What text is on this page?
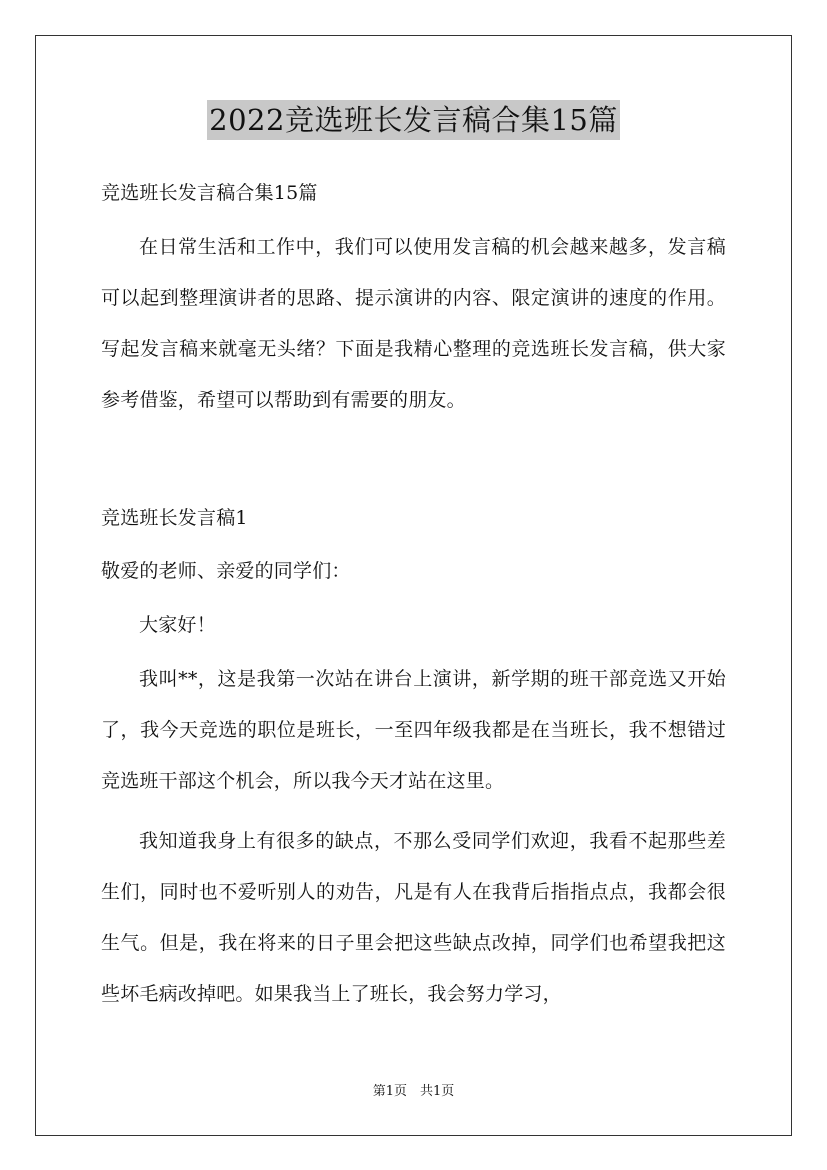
2022竞选班长发言稿合集15篇

竞选班长发言稿合集15篇

在日常生活和工作中，我们可以使用发言稿的机会越来越多，发言稿可以起到整理演讲者的思路、提示演讲的内容、限定演讲的速度的作用。写起发言稿来就毫无头绪？下面是我精心整理的竞选班长发言稿，供大家参考借鉴，希望可以帮助到有需要的朋友。

竞选班长发言稿1

敬爱的老师、亲爱的同学们：

大家好！

我叫**，这是我第一次站在讲台上演讲，新学期的班干部竞选又开始了，我今天竞选的职位是班长，一至四年级我都是在当班长，我不想错过竞选班干部这个机会，所以我今天才站在这里。

我知道我身上有很多的缺点，不那么受同学们欢迎，我看不起那些差生们，同时也不爱听别人的劝告，凡是有人在我背后指指点点，我都会很生气。但是，我在将来的日子里会把这些缺点改掉，同学们也希望我把这些坏毛病改掉吧。如果我当上了班长，我会努力学习，

第1页　共1页
